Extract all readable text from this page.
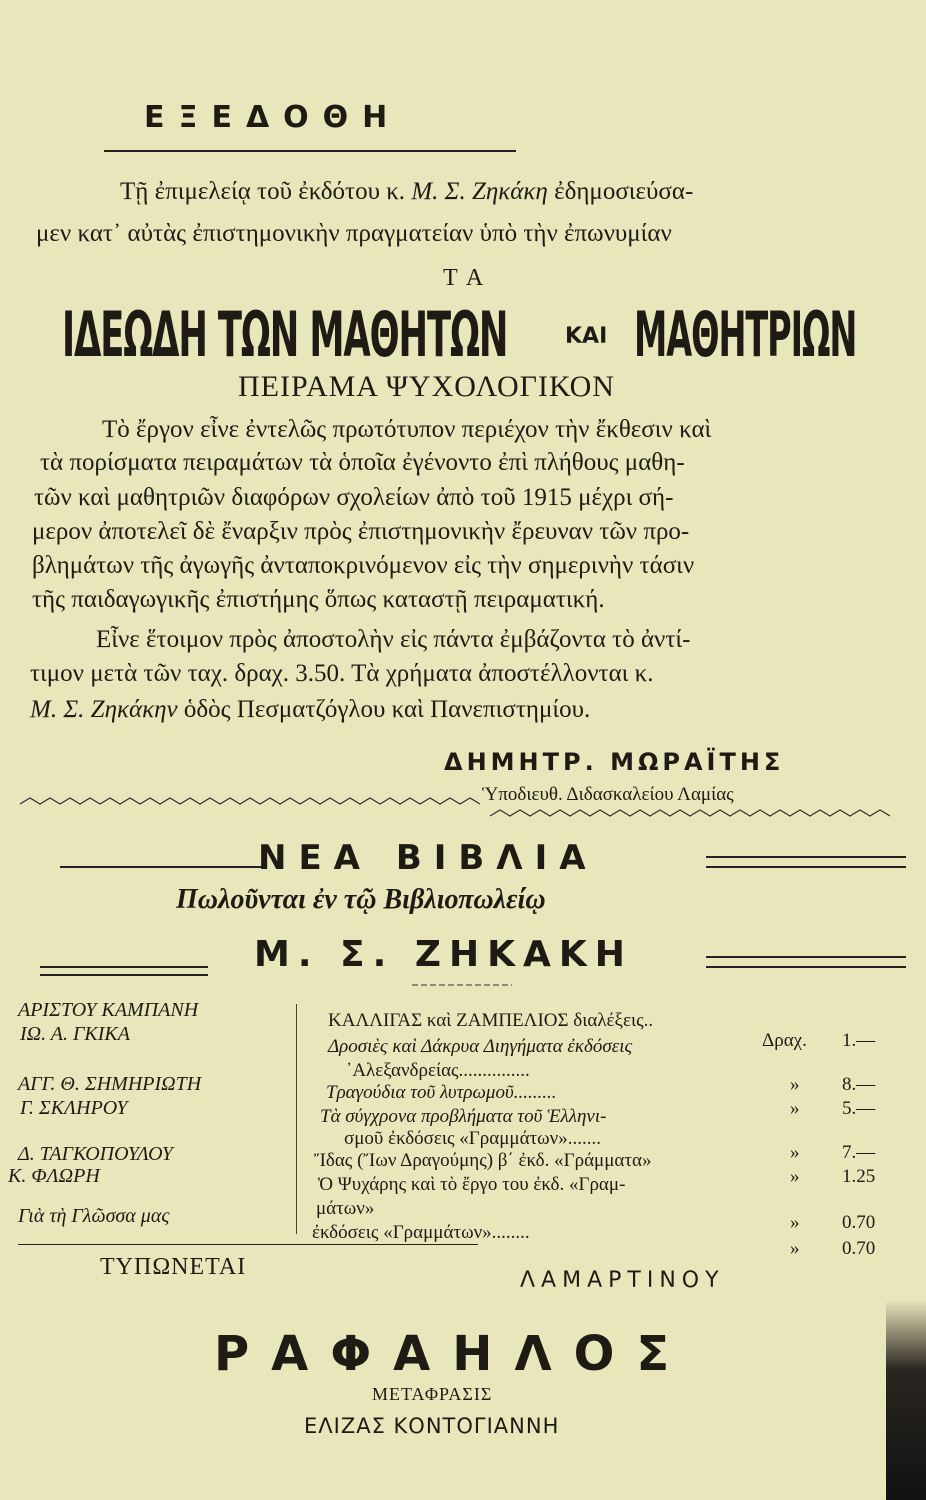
ΕΞΕΔΟΘΗ
Τῇ ἐπιμελείᾳ τοῦ ἐκδότου κ. Μ. Σ. Ζηκάκη ἐδημοσιεύσα-
μεν κατ᾽ αὐτὰς ἐπιστημονικὴν πραγματείαν ὑπὸ τὴν ἐπωνυμίαν
Τ Α
ΙΔΕΩΔΗ ΤΩΝ ΜΑΘΗΤΩΝ	ΚΑΙ ΜΑΘΗΤΡΙΩΝ
ΠΕΙΡΑΜΑ ΨΥΧΟΛΟΓΙΚΟΝ
Τὸ ἔργον εἶνε ἐντελῶς πρωτότυπον περιέχον τὴν ἔκθεσιν καὶ
τὰ πορίσματα πειραμάτων τὰ ὁποῖα ἐγένοντο ἐπὶ πλήθους μαθη-
τῶν καὶ μαθητριῶν διαφόρων σχολείων ἀπὸ τοῦ 1915 μέχρι σή-
μερον ἀποτελεῖ δὲ ἔναρξιν πρὸς ἐπιστημονικὴν ἔρευναν τῶν προ-
βλημάτων τῆς ἀγωγῆς ἀνταποκρινόμενον εἰς τὴν σημερινὴν τάσιν
τῆς παιδαγωγικῆς ἐπιστήμης ὅπως καταστῇ πειραματική.
Εἶνε ἕτοιμον πρὸς ἀποστολὴν εἰς πάντα ἐμβάζοντα τὸ ἀντί-
τιμον μετὰ τῶν ταχ. δραχ. 3.50. Τὰ χρήματα ἀποστέλλονται κ.
Μ. Σ. Ζηκάκην ὁδὸς Πεσματζόγλου καὶ Πανεπιστημίου.
ΔΗΜΗΤΡ. ΜΩΡΑΪΤΗΣ
Ὑποδιευθ. Διδασκαλείου Λαμίας
ΝΕΑ ΒΙΒΛΙΑ
Πωλοῦνται ἐν τῷ Βιβλιοπωλείῳ
Μ. Σ. ΖΗΚΑΚΗ
ΑΡΙΣΤΟΥ ΚΑΜΠΑΝΗ
ΙΩ. Α. ΓΚΙΚΑ
ΑΓΓ. Θ. ΣΗΜΗΡΙΩΤΗ
Γ. ΣΚΛΗΡΟΥ
Δ. ΤΑΓΚΟΠΟΥΛΟΥ
Κ. ΦΛΩΡΗ
Γιὰ τὴ Γλῶσσα μας
ΚΑΛΛΙΓΑΣ καὶ ΖΑΜΠΕΛΙΟΣ διαλέξεις..
Δροσιὲς καὶ Δάκρυα Διηγήματα ἐκδόσεις
᾽Αλεξανδρείας...............
Τραγούδια τοῦ λυτρωμοῦ.........
Τὰ σύγχρονα προβλήματα τοῦ Ἑλληνι-
σμοῦ ἐκδόσεις «Γραμμάτων».......
Ἴδας (Ἴων Δραγούμης) β΄ ἐκδ. «Γράμματα»
Ὁ Ψυχάρης καὶ τὸ ἔργο του ἐκδ. «Γραμ-
μάτων»
ἐκδόσεις «Γραμμάτων»........
Δραχ. 1.—
» 8.—
» 5.—
» 7.—
» 1.25
» 0.70
» 0.70
ΤΥΠΩΝΕΤΑΙ
ΛΑΜΑΡΤΙΝΟΥ
ΡΑΦΑΗΛΟΣ
ΜΕΤΑΦΡΑΣΙΣ
ΕΛΙΖΑΣ ΚΟΝΤΟΓΙΑΝΝΗ
